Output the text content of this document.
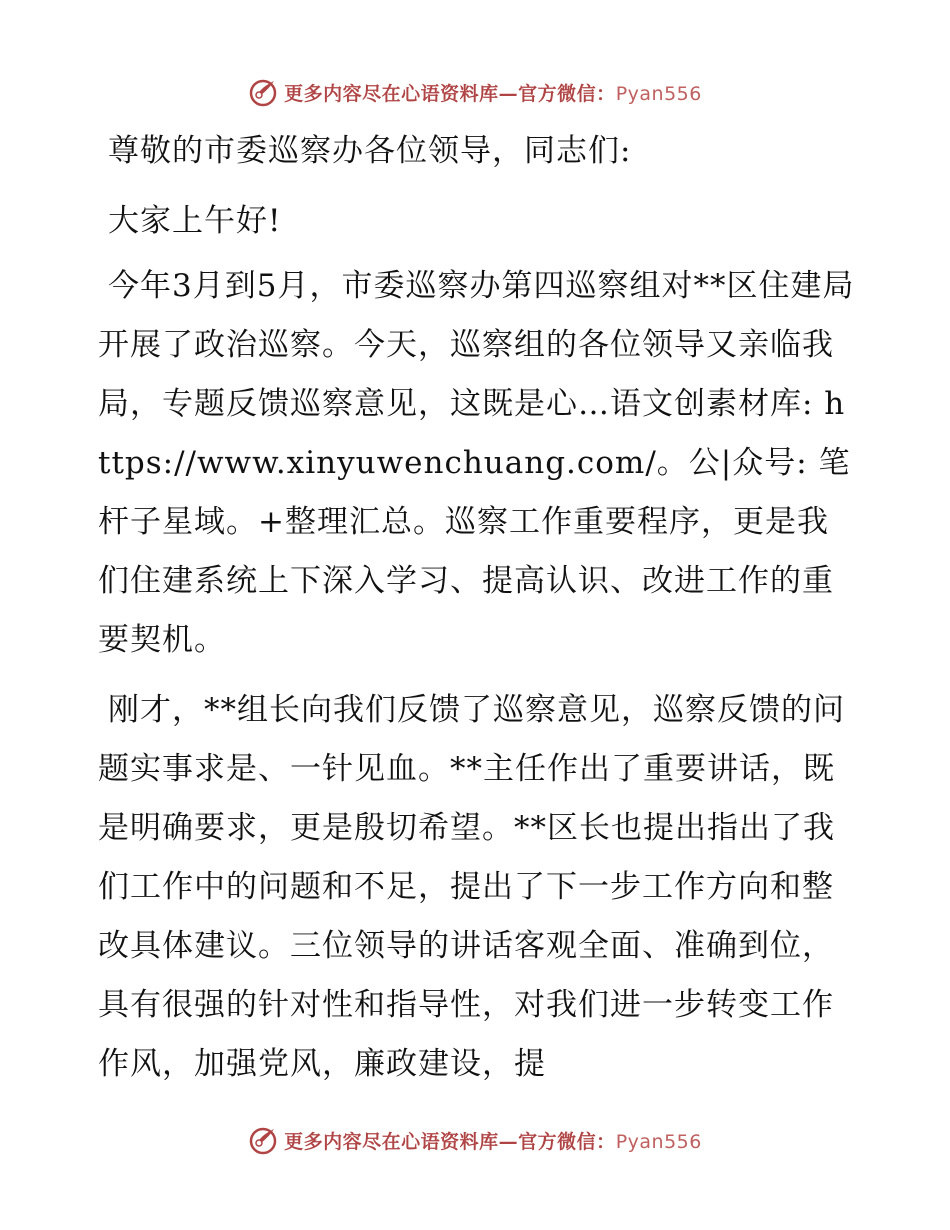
更多内容尽在心语资料库—官方微信：Pyan556

尊敬的市委巡察办各位领导，同志们:

大家上午好!

今年3月到5月，市委巡察办第四巡察组对**区住建局开展了政治巡察。今天，巡察组的各位领导又亲临我局，专题反馈巡察意见，这既是心…语文创素材库: https://www.xinyuwenchuang.com/。公|众号: 笔杆子星域。+整理汇总。巡察工作重要程序，更是我们住建系统上下深入学习、提高认识、改进工作的重要契机。

刚才，**组长向我们反馈了巡察意见，巡察反馈的问题实事求是、一针见血。**主任作出了重要讲话，既是明确要求，更是殷切希望。**区长也提出指出了我们工作中的问题和不足，提出了下一步工作方向和整改具体建议。三位领导的讲话客观全面、准确到位，具有很强的针对性和指导性，对我们进一步转变工作作风，加强党风，廉政建设，提

更多内容尽在心语资料库—官方微信：Pyan556
